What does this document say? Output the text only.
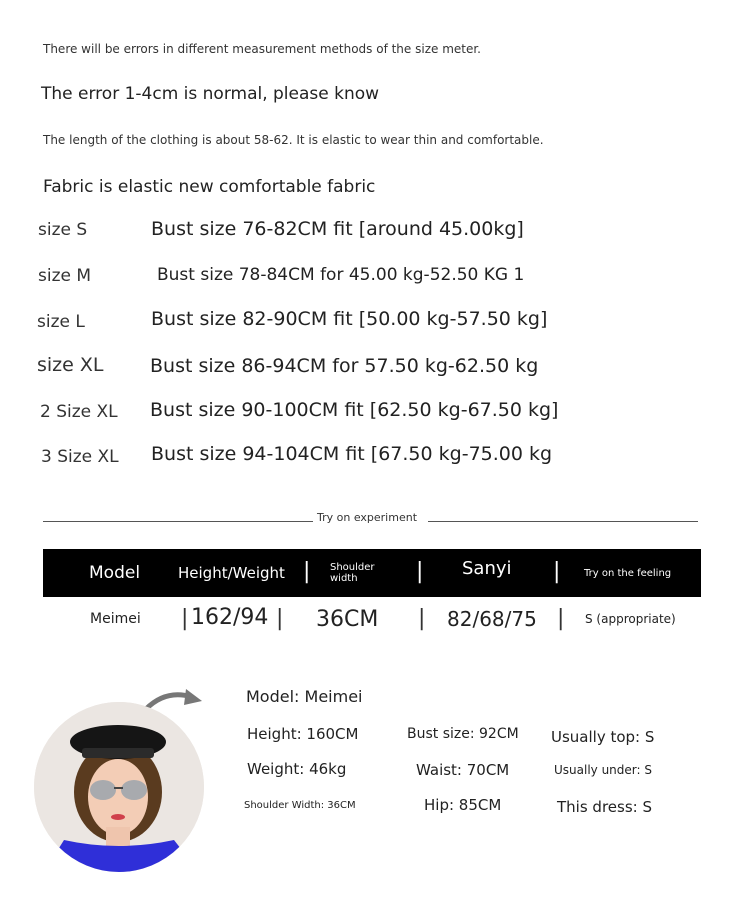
There will be errors in different measurement methods of the size meter.
The error 1-4cm is normal, please know
The length of the clothing is about 58-62. It is elastic to wear thin and comfortable.
Fabric is elastic new comfortable fabric
size S	Bust size 76-82CM fit [around 45.00kg]
size M	Bust size 78-84CM for 45.00 kg-52.50 KG 1
size L	Bust size 82-90CM fit [50.00 kg-57.50 kg]
size XL Bust size 86-94CM for 57.50 kg-62.50 kg
2 Size XL Bust size 90-100CM fit [62.50 kg-67.50 kg]
3 Size XL Bust size 94-104CM fit [67.50 kg-75.00 kg
Try on experiment
Model	Height/Weight | Shoulder width	| Sanyi | Try on the feeling
Meimei | 162/94 | 36CM | 82/68/75 | S (appropriate)
Model: Meimei
Height: 160CM
Weight: 46kg
Shoulder Width: 36CM
Bust size: 92CM
Waist: 70CM
Hip: 85CM
Usually top: S
Usually under: S
This dress: S
